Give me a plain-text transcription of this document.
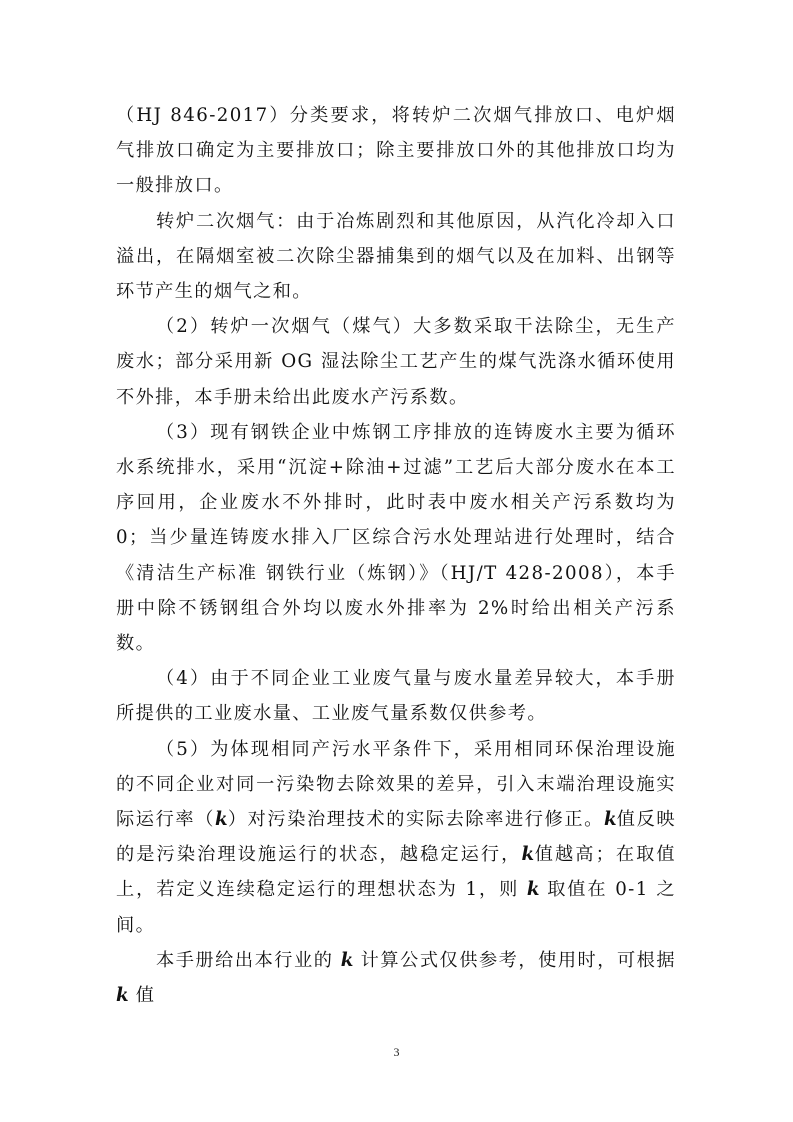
（HJ 846-2017）分类要求，将转炉二次烟气排放口、电炉烟气排放口确定为主要排放口；除主要排放口外的其他排放口均为一般排放口。

转炉二次烟气：由于冶炼剧烈和其他原因，从汽化冷却入口溢出，在隔烟室被二次除尘器捕集到的烟气以及在加料、出钢等环节产生的烟气之和。

（2）转炉一次烟气（煤气）大多数采取干法除尘，无生产废水；部分采用新 OG 湿法除尘工艺产生的煤气洗涤水循环使用不外排，本手册未给出此废水产污系数。

（3）现有钢铁企业中炼钢工序排放的连铸废水主要为循环水系统排水，采用“沉淀+除油+过滤”工艺后大部分废水在本工序回用，企业废水不外排时，此时表中废水相关产污系数均为 0；当少量连铸废水排入厂区综合污水处理站进行处理时，结合《清洁生产标准 钢铁行业（炼钢）》（HJ/T 428-2008），本手册中除不锈钢组合外均以废水外排率为 2%时给出相关产污系数。

（4）由于不同企业工业废气量与废水量差异较大，本手册所提供的工业废水量、工业废气量系数仅供参考。

（5）为体现相同产污水平条件下，采用相同环保治理设施的不同企业对同一污染物去除效果的差异，引入末端治理设施实际运行率（k）对污染治理技术的实际去除率进行修正。k值反映的是污染治理设施运行的状态，越稳定运行，k值越高；在取值上，若定义连续稳定运行的理想状态为 1，则 k 取值在 0-1 之间。

本手册给出本行业的 k 计算公式仅供参考，使用时，可根据 k 值

3
